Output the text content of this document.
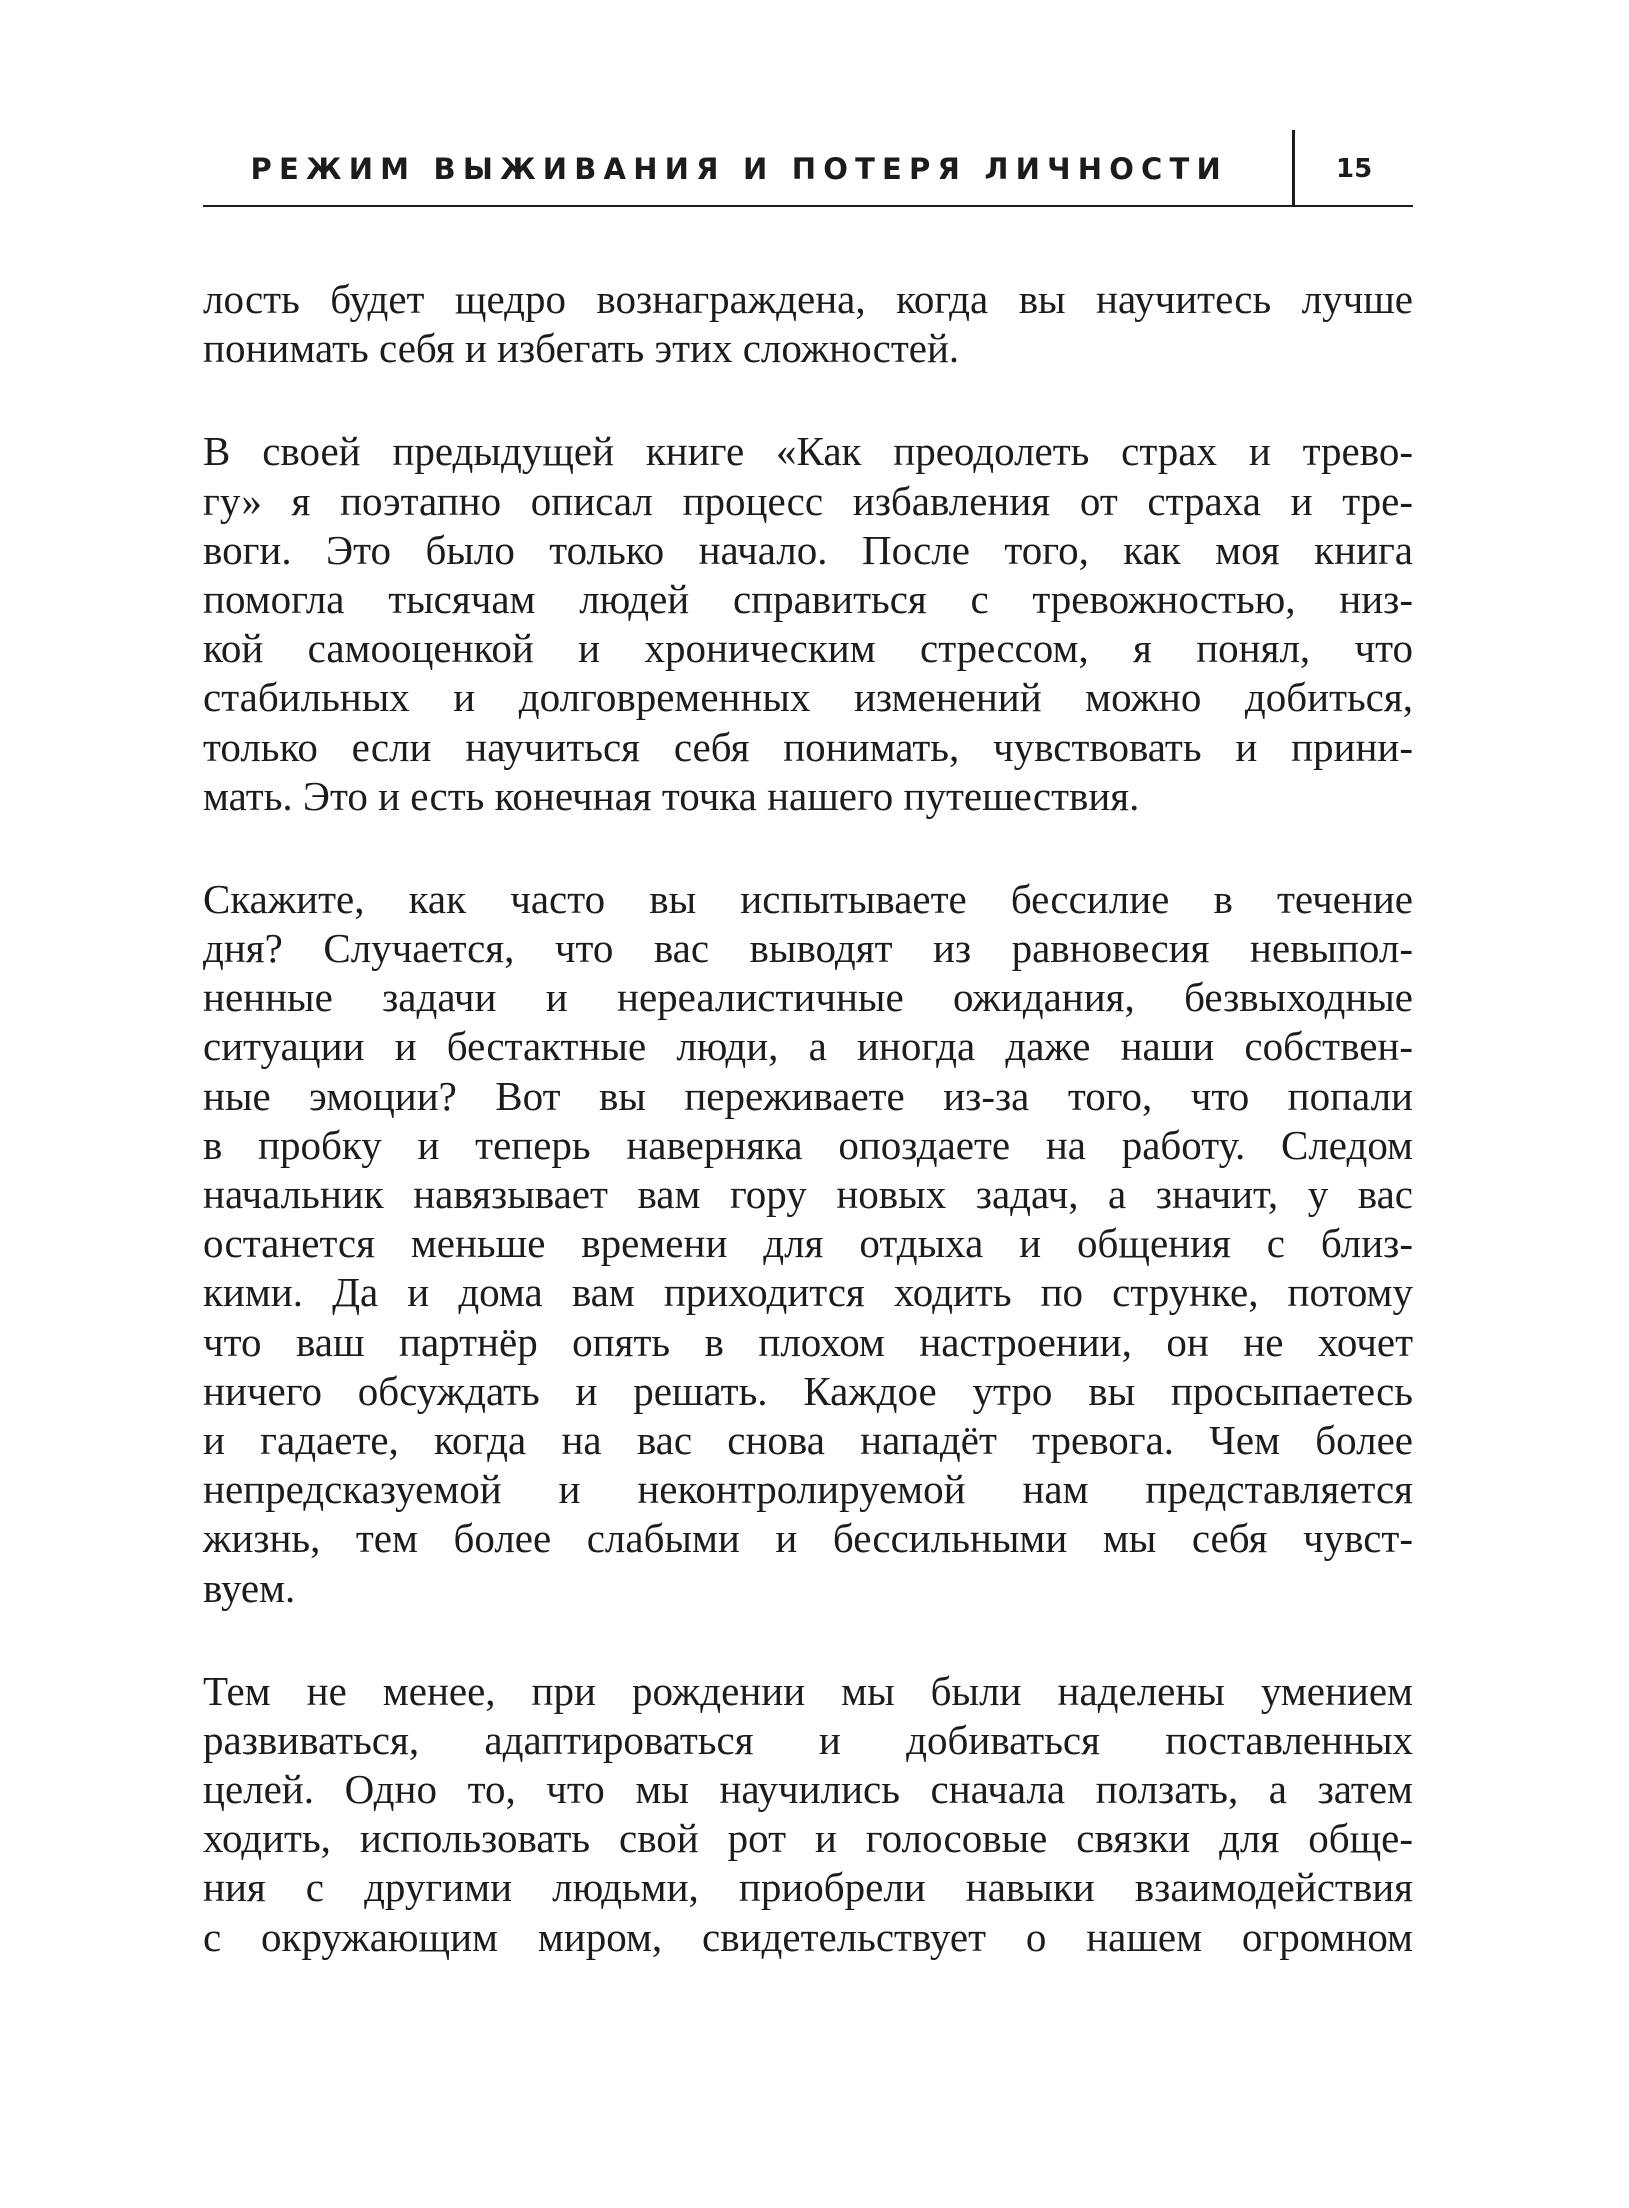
РЕЖИМ ВЫЖИВАНИЯ И ПОТЕРЯ ЛИЧНОСТИ	15
лость будет щедро вознаграждена, когда вы научитесь лучше
понимать себя и избегать этих сложностей.
В своей предыдущей книге «Как преодолеть страх и трево-
гу» я поэтапно описал процесс избавления от страха и тре-
воги. Это было только начало. После того, как моя книга
помогла тысячам людей справиться с тревожностью, низ-
кой самооценкой и хроническим стрессом, я понял, что
стабильных и долговременных изменений можно добиться,
только если научиться себя понимать, чувствовать и прини-
мать. Это и есть конечная точка нашего путешествия.
Скажите, как часто вы испытываете бессилие в течение
дня? Случается, что вас выводят из равновесия невыпол-
ненные задачи и нереалистичные ожидания, безвыходные
ситуации и бестактные люди, а иногда даже наши собствен-
ные эмоции? Вот вы переживаете из-за того, что попали
в пробку и теперь наверняка опоздаете на работу. Следом
начальник навязывает вам гору новых задач, а значит, у вас
останется меньше времени для отдыха и общения с близ-
кими. Да и дома вам приходится ходить по струнке, потому
что ваш партнёр опять в плохом настроении, он не хочет
ничего обсуждать и решать. Каждое утро вы просыпаетесь
и гадаете, когда на вас снова нападёт тревога. Чем более
непредсказуемой и неконтролируемой нам представляется
жизнь, тем более слабыми и бессильными мы себя чувст-
вуем.
Тем не менее, при рождении мы были наделены умением
развиваться, адаптироваться и добиваться поставленных
целей. Одно то, что мы научились сначала ползать, а затем
ходить, использовать свой рот и голосовые связки для обще-
ния с другими людьми, приобрели навыки взаимодействия
с окружающим миром, свидетельствует о нашем огромном
